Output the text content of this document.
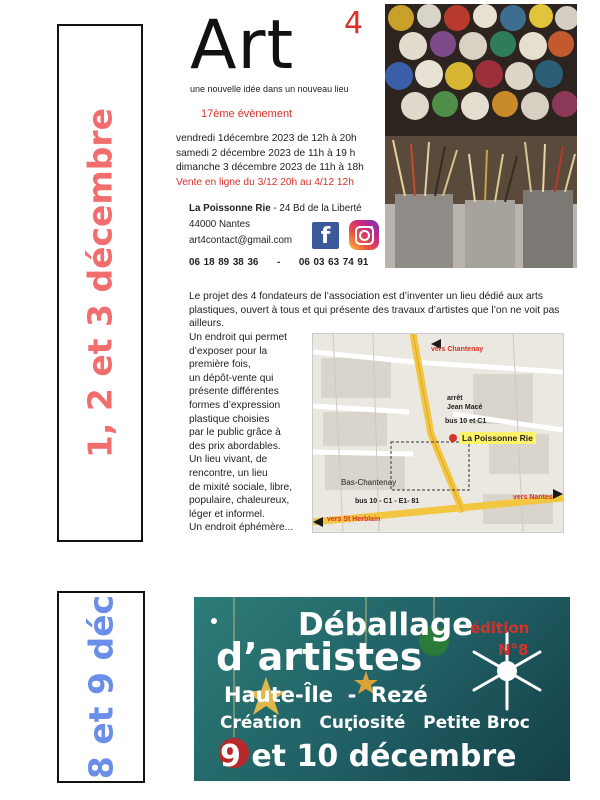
1, 2 et 3 décembre
8 et 9 déc
Art 4
une nouvelle idée dans un nouveau lieu
17ème évènement
vendredi 1décembre 2023 de 12h à 20h
samedi 2 décembre 2023 de 11h à 19 h
dimanche 3 décembre 2023 de 11h à 18h
Vente en ligne du 3/12 20h au 4/12 12h
La Poissonne Rie - 24 Bd de la Liberté
44000 Nantes
art4contact@gmail.com	f
06 18 89 38 36 - 06 03 63 74 91
Le projet des 4 fondateurs de l’association est d’inventer un lieu dédié aux arts plastiques, ouvert à tous et qui présente des travaux d’artistes que l’on ne voit pas ailleurs.
Un endroit qui permet
d’exposer pour la
première fois,
un dépôt-vente qui
présente différentes
formes d’expression
plastique choisies
par le public grâce à
des prix abordables.
Un lieu vivant, de
rencontre, un lieu
de mixité sociale, libre,
populaire, chaleureux,
léger et informel.
Un endroit éphémère...
vers Chantenay
arrêt
Jean Macé
bus 10 et C1
La Poissonne Rie
Bas-Chantenay
bus 10 - C1 - E1- 81
vers Nantes
vers St Herblain
Déballage
édition
N°8
d’artistes
Haute-Île  -  Rezé
Création   Curiosité   Petite Broc
9 et 10 décembre
